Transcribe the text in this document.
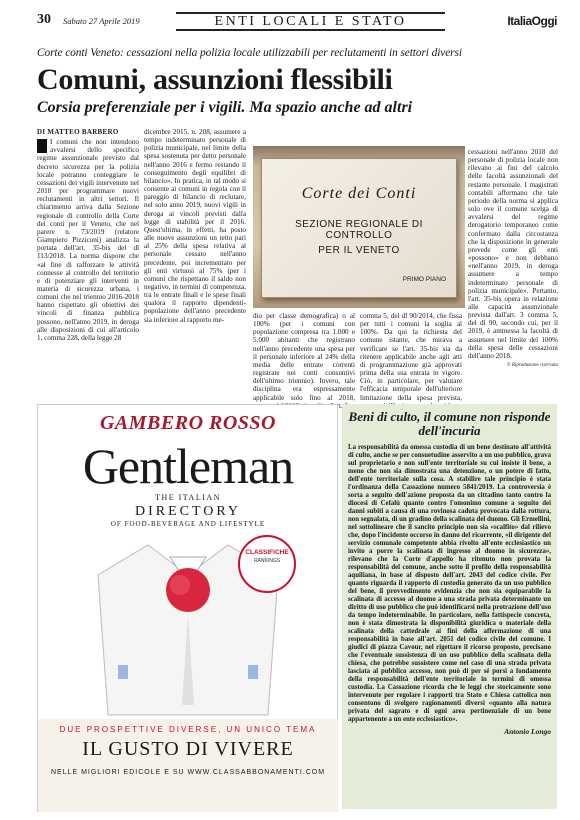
30 Sabato 27 Aprile 2019	ENTI LOCALI E STATO	ItaliaOggi
Corte conti Veneto: cessazioni nella polizia locale utilizzabili per reclutamenti in settori diversi
Comuni, assunzioni flessibili
Corsia preferenziale per i vigili. Ma spazio anche ad altri
DI MATTEO BARBERO
I comuni che non intendono avvalersi dello specifico regime assunzionale previsto dal decreto sicurezza per la polizia locale potranno conteggiare le cessazioni dei vigili intervenute nel 2018 per programmare nuovi reclutamenti in altri settori. Il chiarimento arriva dalla Sezione regionale di controllo della Corte dei conti per il Veneto, che nel parere n. 73/2019 (relatore Giampiero Pizziconi) analizza la portata dell'art. 35-bis del dl 113/2018. La norma dispone che «al fine di rafforzare le attività connesse al controllo del territorio e di potenziare gli interventi in materia di sicurezza urbana, i comuni che nel triennio 2016-2018 hanno rispettato gli obiettivi dei vincoli di finanza pubblica possono, nell'anno 2019, in deroga alle disposizioni di cui all'articolo 1, comma 228, della legge 28
dicembre 2015, n. 208, assumere a tempo indeterminato personale di polizia municipale, nel limite della spesa sostenuta per detto personale nell'anno 2016 e fermo restando il conseguimento degli equilibri di bilancio». In pratica, in tal modo si consente ai comuni in regola con il pareggio di bilancio di reclutare, nel solo anno 2019, nuovi vigili in deroga ai vincoli previsti dalla legge di stabilità per il 2016. Quest'ultima, in effetti, ha posto alle nuove assunzioni un tetto pari al 25% della spesa relativa al personale cessato nell'anno precedente, poi incrementato per gli enti virtuosi al 75% (per i comuni che rispettano il saldo non negativo, in termini di competenza, tra le entrate finali e le spese finali qualora il rapporto dipendenti-popolazione dell'anno precedente sia inferiore al rapporto me-
Corte dei Conti
SEZIONE REGIONALE DI CONTROLLO
PER IL VENETO
PRIMO PIANO
dio per classe demografica) o al 100% (per i comuni con popolazione compresa tra 1.000 e 5.000 abitanti che registrano nell'anno precedente una spesa per il personale inferiore al 24% della media delle entrate correnti registrate nei conti consuntivi dell'ultimo triennio). Invero, tale disciplina era espressamente applicabile solo fino al 2018,
comma 5, del dl 90/2014, che fissa per tutti i comuni la soglia al 100%. Da qui la richiesta del comune istante, che mirava a verificare se l'art. 35-bis sia da ritenere applicabile anche agli atti di programmazione già approvati prima della sua entrata in vigore. Ciò, in particolare, per valutare l'efficacia temporale dell'ulteriore limitazione della spesa prevista,
cessazioni nell'anno 2018 del personale di polizia locale non rilevano ai fini del calcolo delle facoltà assunzionali del restante personale. I magistrati contabili affermano che tale periodo della norma si applica solo ove il comune scelga di avvalersi del regime derogatorio temporaneo come confermato dalla circostanza che la disposizione in generale prevede come gli enti «possono» e non debbano «nell'anno 2019, in deroga assumere a tempo indeterminato personale di polizia municipale». Pertanto, l'art. 35-bis opera in relazione alle capacità assunzionale prevista dall'art. 3 comma 5, del dl 90, secondo cui, per il 2019, è ammessa la facoltà di assumere nel limite del 100% della spesa delle cessazioni dell'anno 2018.
© Riproduzione riservata
GAMBERO ROSSO
Gentleman
THE ITALIAN
DIRECTORY
OF FOOD-BEVERAGE AND LIFESTYLE
CLASSIFICHE
RANKINGS
DUE PROSPETTIVE DIVERSE, UN UNICO TEMA
IL GUSTO DI VIVERE
NELLE MIGLIORI EDICOLE E SU WWW.CLASSABBONAMENTI.COM
Beni di culto, il comune non risponde dell'incuria
La responsabilità da omessa custodia di un bene destinato all'attività di culto, anche se per consuetudine asservito a un uso pubblico, grava sul proprietario e non sull'ente territoriale su cui insiste il bene, a meno che non sia dimostrata una detenzione, o un potere di fatto, dell'ente territoriale sulla cosa. A stabilire tale principio è stata l'ordinanza della Cassazione numero 5841/2019. La controversia è sorta a seguito dell'azione proposta da un cittadino tanto contro la diocesi di Cefalù quanto contro l'omonimo comune a seguito dei danni subiti a causa di una rovinosa caduta provocata dalla rottura, non segnalata, di un gradino della scalinata del duomo. Gli Ermellini, nel sottolineare che il sancito principio non sia «scalfito» dal rilievo che, dopo l'incidente occorso in danno del ricorrente, «il dirigente del servizio comunale competente abbia rivolto all'ente ecclesiastico un invito a porre la scalinata di ingresso al duomo in sicurezza», rilevano che la Corte d'appello ha ritenuto non provata la responsabilità del comune, anche sotto il profilo della responsabilità aquiliana, in base al disposto dell'art. 2043 del codice civile. Per quanto riguarda il rapporto di custodia generato da un uso pubblico del bene, il provvedimento evidenzia che non sia equiparabile la scalinata di accesso al duomo a una strada privata determinante un diritto di uso pubblico che può identificarsi nella protrazione dell'uso da tempo indeterminabile. In particolare, nella fattispecie concreta, non è stata dimostrata la disponibilità giuridica o materiale della scalinata della cattedrale ai fini della affermazione di una responsabilità in base all'art. 2051 del codice civile del comune. I giudici di piazza Cavour, nel rigettare il ricorso proposto, precisano che l'eventuale sussistenza di un uso pubblico della scalinata della chiesa, che potrebbe sussistere come nel caso di una strada privata lasciata al pubblico accesso, non può di per sé porsi a fondamento della responsabilità dell'ente territoriale in termini di omessa custodia. La Cassazione ricorda che le leggi che storicamente sono intervenute per regolare i rapporti tra Stato e Chiesa cattolica non consentono di svolgere ragionamenti diversi «quanto alla natura privata del sagrato e di ogni area pertinenziale di un bene appartenente a un ente ecclesiastico».
Antonio Longo
